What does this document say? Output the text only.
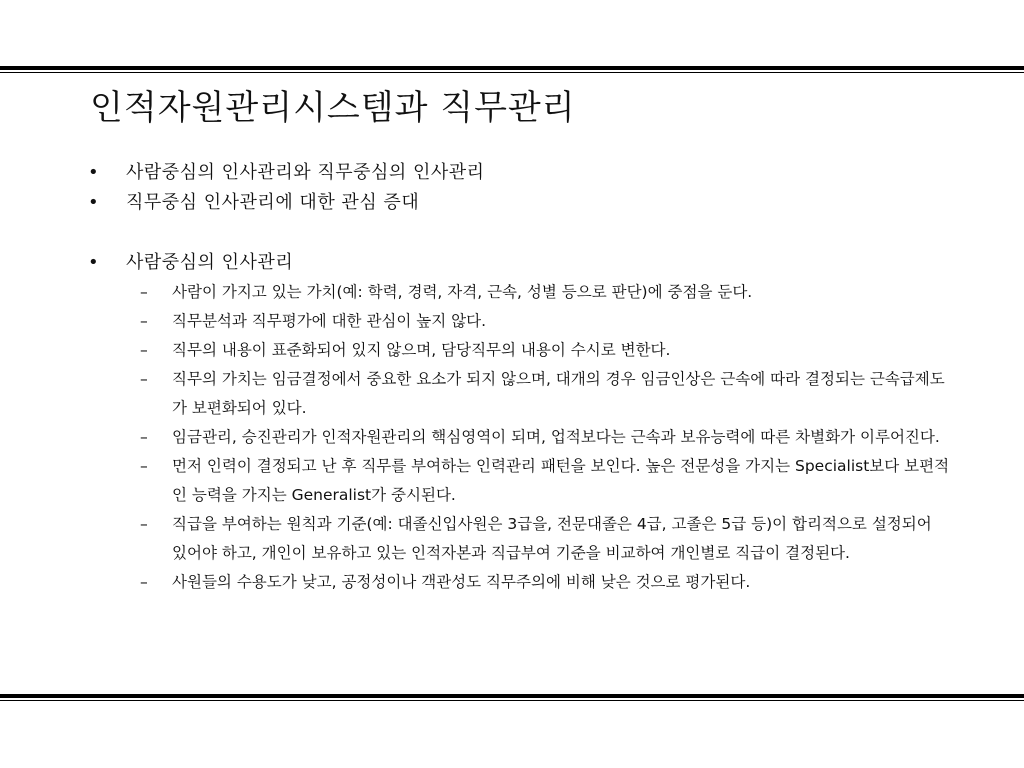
인적자원관리시스템과 직무관리
•	사람중심의 인사관리와 직무중심의 인사관리
•	직무중심 인사관리에 대한 관심 증대
•	사람중심의 인사관리
–	사람이 가지고 있는 가치(예: 학력, 경력, 자격, 근속, 성별 등으로 판단)에 중점을 둔다.
–	직무분석과 직무평가에 대한 관심이 높지 않다.
–	직무의 내용이 표준화되어 있지 않으며, 담당직무의 내용이 수시로 변한다.
–	직무의 가치는 임금결정에서 중요한 요소가 되지 않으며, 대개의 경우 임금인상은 근속에 따라 결정되는 근속급제도가 보편화되어 있다.
–	임금관리, 승진관리가 인적자원관리의 핵심영역이 되며, 업적보다는 근속과 보유능력에 따른 차별화가 이루어진다.
–	먼저 인력이 결정되고 난 후 직무를 부여하는 인력관리 패턴을 보인다. 높은 전문성을 가지는 Specialist보다 보편적인 능력을 가지는 Generalist가 중시된다.
–	직급을 부여하는 원칙과 기준(예: 대졸신입사원은 3급을, 전문대졸은 4급, 고졸은 5급 등)이 합리적으로 설정되어 있어야 하고, 개인이 보유하고 있는 인적자본과 직급부여 기준을 비교하여 개인별로 직급이 결정된다.
–	사원들의 수용도가 낮고, 공정성이나 객관성도 직무주의에 비해 낮은 것으로 평가된다.
